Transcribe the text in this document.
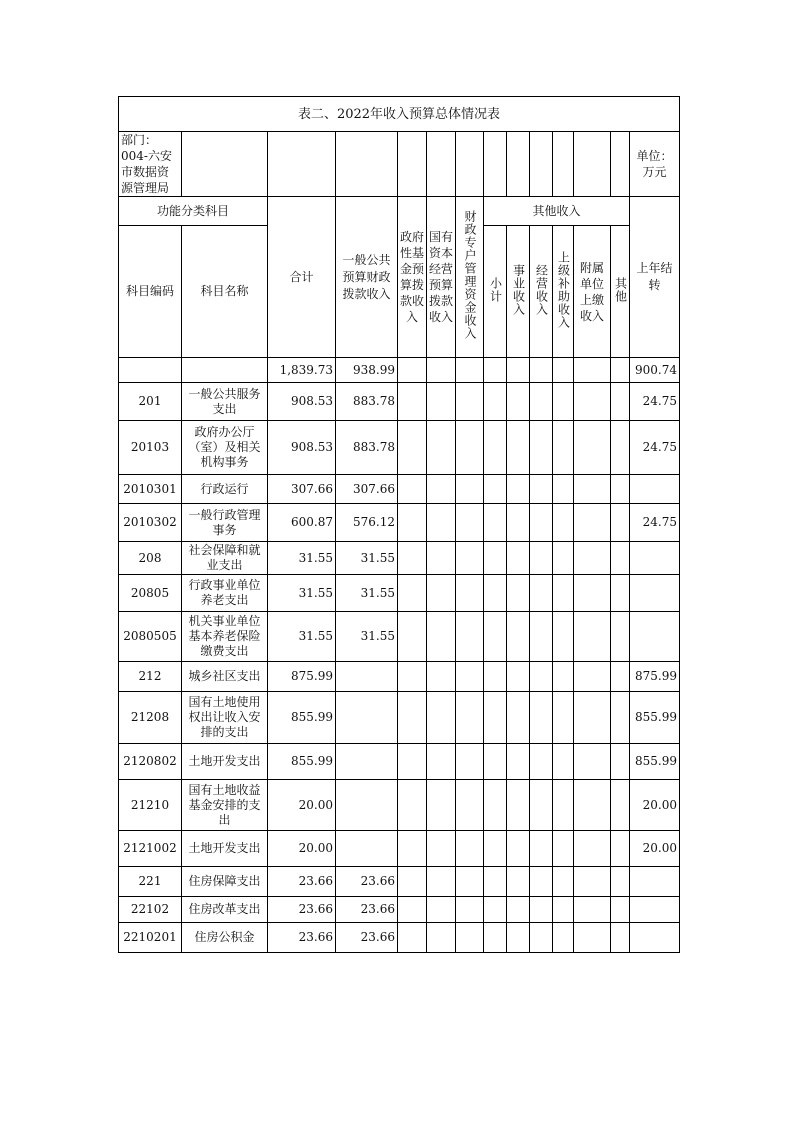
表二、2022年收入预算总体情况表													
部门：004-六安市数据资源管理局													单位：万元
功能分类科目		合计	一般公共预算财政拨款收入	政府性基金预算拨款收入	国有资本经营预算拨款收入	财政专户管理资金收入	其他收入						上年结转
科目编码	科目名称						小计	事业收入	经营收入	上级补助收入	附属单位上缴收入	其他	
		1,839.73	938.99										900.74
201	一般公共服务支出	908.53	883.78										24.75
20103	政府办公厅（室）及相关机构事务	908.53	883.78										24.75
2010301	行政运行	307.66	307.66										
2010302	一般行政管理事务	600.87	576.12										24.75
208	社会保障和就业支出	31.55	31.55										
20805	行政事业单位养老支出	31.55	31.55										
2080505	机关事业单位基本养老保险缴费支出	31.55	31.55										
212	城乡社区支出	875.99											875.99
21208	国有土地使用权出让收入安排的支出	855.99											855.99
2120802	土地开发支出	855.99											855.99
21210	国有土地收益基金安排的支出	20.00											20.00
2121002	土地开发支出	20.00											20.00
221	住房保障支出	23.66	23.66										
22102	住房改革支出	23.66	23.66										
2210201	住房公积金	23.66	23.66										
